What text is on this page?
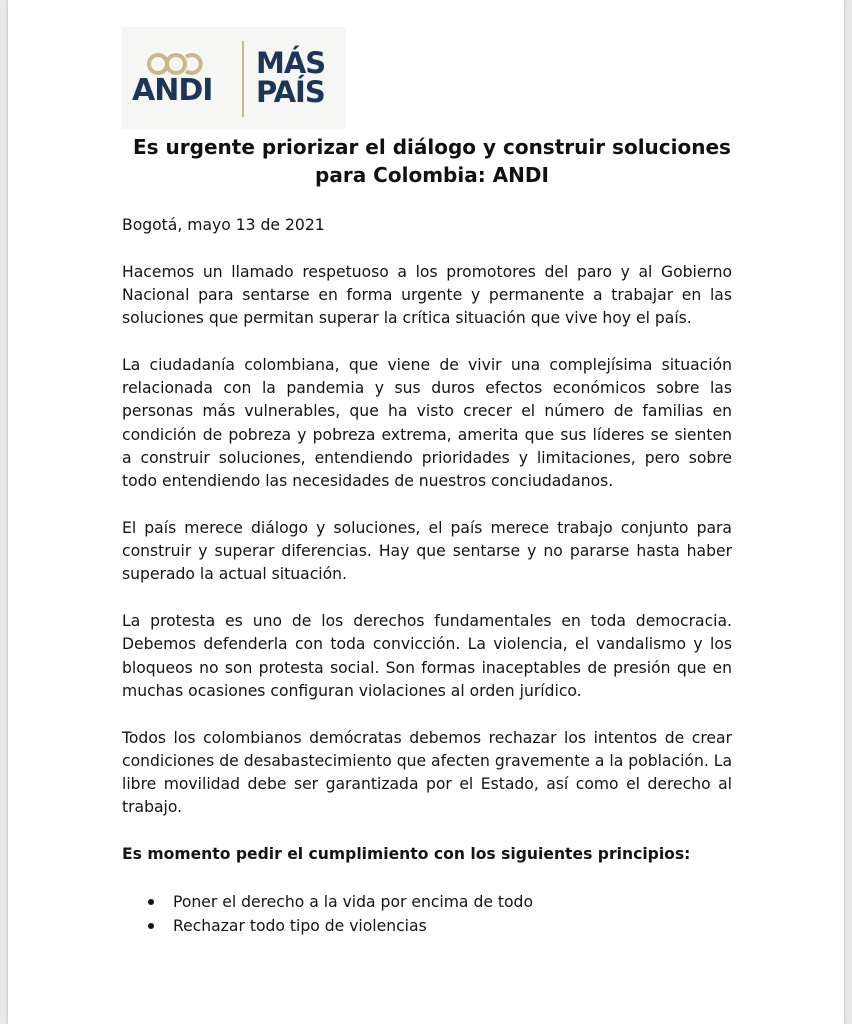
ANDI
MÁS
PAÍS
Es urgente priorizar el diálogo y construir soluciones para Colombia: ANDI

Bogotá, mayo 13 de 2021

Hacemos un llamado respetuoso a los promotores del paro y al Gobierno Nacional para sentarse en forma urgente y permanente a trabajar en las soluciones que permitan superar la crítica situación que vive hoy el país.

La ciudadanía colombiana, que viene de vivir una complejísima situación relacionada con la pandemia y sus duros efectos económicos sobre las personas más vulnerables, que ha visto crecer el número de familias en condición de pobreza y pobreza extrema, amerita que sus líderes se sienten a construir soluciones, entendiendo prioridades y limitaciones, pero sobre todo entendiendo las necesidades de nuestros conciudadanos.

El país merece diálogo y soluciones, el país merece trabajo conjunto para construir y superar diferencias. Hay que sentarse y no pararse hasta haber superado la actual situación.

La protesta es uno de los derechos fundamentales en toda democracia. Debemos defenderla con toda convicción. La violencia, el vandalismo y los bloqueos no son protesta social. Son formas inaceptables de presión que en muchas ocasiones configuran violaciones al orden jurídico.

Todos los colombianos demócratas debemos rechazar los intentos de crear condiciones de desabastecimiento que afecten gravemente a la población. La libre movilidad debe ser garantizada por el Estado, así como el derecho al trabajo.

Es momento pedir el cumplimiento con los siguientes principios:

Poner el derecho a la vida por encima de todo
Rechazar todo tipo de violencias
